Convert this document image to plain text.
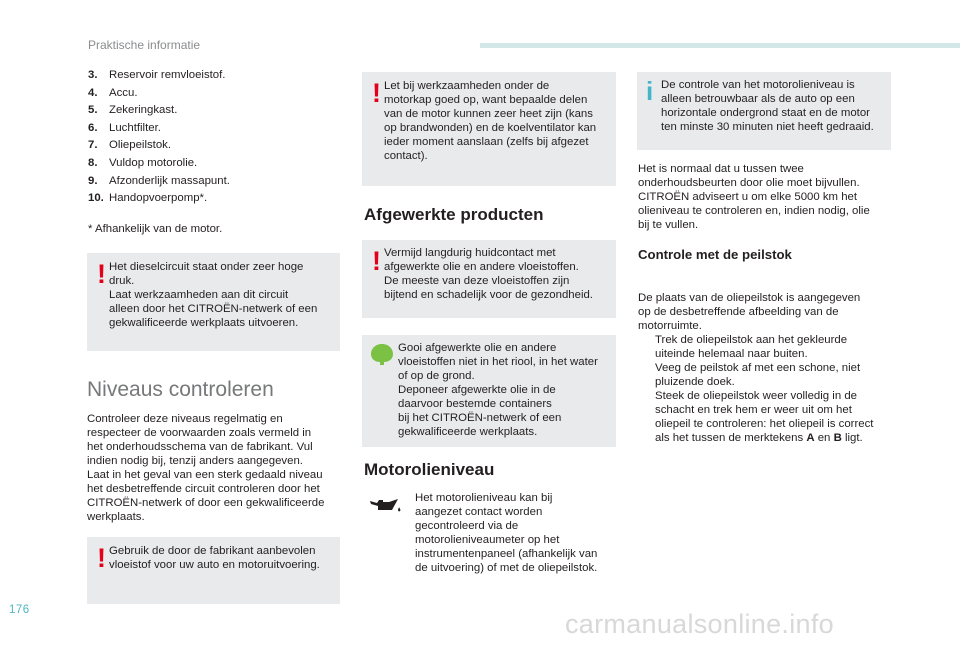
Praktische informatie
176	carmanualsonline.info
3. Reservoir remvloeistof.
4. Accu.
5. Zekeringkast.
6. Luchtfilter.
7. Oliepeilstok.
8. Vuldop motorolie.
9. Afzonderlijk massapunt.
10. Handopvoerpomp*.
* Afhankelijk van de motor.
! Het dieselcircuit staat onder zeer hoge
druk.
Laat werkzaamheden aan dit circuit
alleen door het CITROËN-netwerk of een
gekwalificeerde werkplaats uitvoeren.
Niveaus controleren
Controleer deze niveaus regelmatig en
respecteer de voorwaarden zoals vermeld in
het onderhoudsschema van de fabrikant. Vul
indien nodig bij, tenzij anders aangegeven.
Laat in het geval van een sterk gedaald niveau
het desbetreffende circuit controleren door het
CITROËN-netwerk of door een gekwalificeerde
werkplaats.
! Gebruik de door de fabrikant aanbevolen
vloeistof voor uw auto en motoruitvoering.
! Let bij werkzaamheden onder de
motorkap goed op, want bepaalde delen
van de motor kunnen zeer heet zijn (kans
op brandwonden) en de koelventilator kan
ieder moment aanslaan (zelfs bij afgezet
contact).
Afgewerkte producten
! Vermijd langdurig huidcontact met
afgewerkte olie en andere vloeistoffen.
De meeste van deze vloeistoffen zijn
bijtend en schadelijk voor de gezondheid.
Gooi afgewerkte olie en andere
vloeistoffen niet in het riool, in het water
of op de grond.
Deponeer afgewerkte olie in de
daarvoor bestemde containers
bij het CITROËN-netwerk of een
gekwalificeerde werkplaats.
Motorolieniveau
Het motorolieniveau kan bij
aangezet contact worden
gecontroleerd via de
motorolieniveaumeter op het
instrumentenpaneel (afhankelijk van
de uitvoering) of met de oliepeilstok.
i De controle van het motorolieniveau is
alleen betrouwbaar als de auto op een
horizontale ondergrond staat en de motor
ten minste 30 minuten niet heeft gedraaid.
Het is normaal dat u tussen twee
onderhoudsbeurten door olie moet bijvullen.
CITROËN adviseert u om elke 5000 km het
olieniveau te controleren en, indien nodig, olie
bij te vullen.
Controle met de peilstok
De plaats van de oliepeilstok is aangegeven
op de desbetreffende afbeelding van de
motorruimte.
Trek de oliepeilstok aan het gekleurde
uiteinde helemaal naar buiten.
Veeg de peilstok af met een schone, niet
pluizende doek.
Steek de oliepeilstok weer volledig in de
schacht en trek hem er weer uit om het
oliepeil te controleren: het oliepeil is correct
als het tussen de merktekens A en B ligt.
